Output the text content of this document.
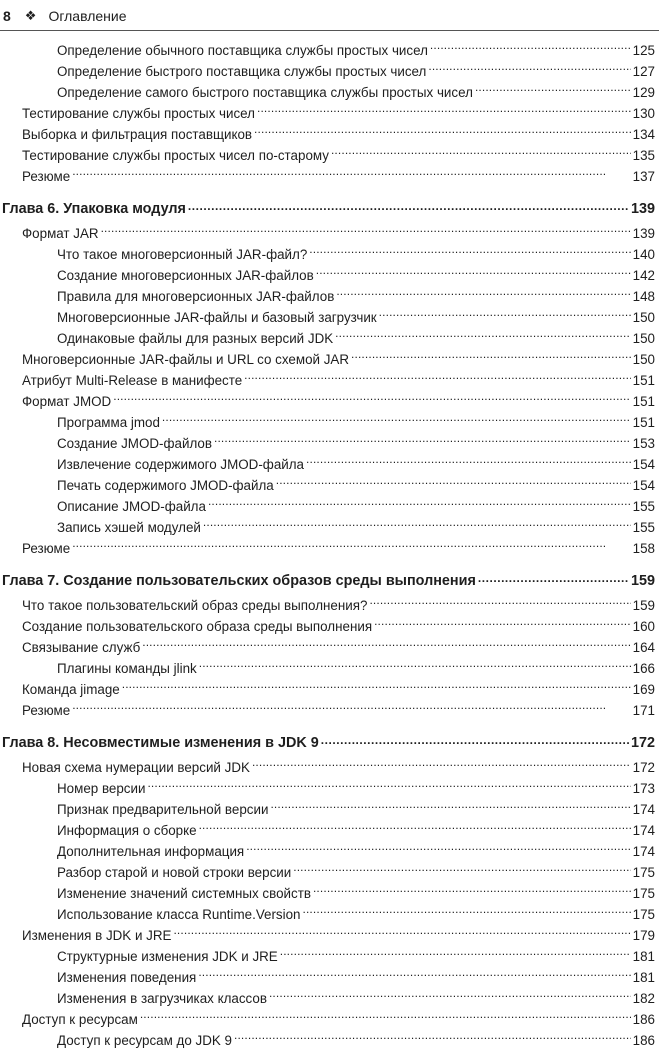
8 ❖ Оглавление
Определение обычного поставщика службы простых чисел . . .	125
Определение быстрого поставщика службы простых чисел . . .	127
Определение самого быстрого поставщика службы простых чисел . . .	129
Тестирование службы простых чисел . . .	130
Выборка и фильтрация поставщиков . . .	134
Тестирование службы простых чисел по-старому . . .	135
Резюме . . .	137
Глава 6. Упаковка модуля . . .	139
Формат JAR . . .	139
Что такое многоверсионный JAR-файл? . . .	140
Создание многоверсионных JAR-файлов . . .	142
Правила для многоверсионных JAR-файлов . . .	148
Многоверсионные JAR-файлы и базовый загрузчик . . .	150
Одинаковые файлы для разных версий JDK . . .	150
Многоверсионные JAR-файлы и URL со схемой JAR . . .	150
Атрибут Multi-Release в манифесте . . .	151
Формат JMOD . . .	151
Программа jmod . . .	151
Создание JMOD-файлов . . .	153
Извлечение содержимого JMOD-файла . . .	154
Печать содержимого JMOD-файла . . .	154
Описание JMOD-файла . . .	155
Запись хэшей модулей . . .	155
Резюме . . .	158
Глава 7. Создание пользовательских образов среды выполнения . . .	159
Что такое пользовательский образ среды выполнения? . . .	159
Создание пользовательского образа среды выполнения . . .	160
Связывание служб . . .	164
Плагины команды jlink . . .	166
Команда jimage . . .	169
Резюме . . .	171
Глава 8. Несовместимые изменения в JDK 9 . . .	172
Новая схема нумерации версий JDK . . .	172
Номер версии . . .	173
Признак предварительной версии . . .	174
Информация о сборке . . .	174
Дополнительная информация . . .	174
Разбор старой и новой строки версии . . .	175
Изменение значений системных свойств . . .	175
Использование класса Runtime.Version . . .	175
Изменения в JDK и JRE . . .	179
Структурные изменения JDK и JRE . . .	181
Изменения поведения . . .	181
Изменения в загрузчиках классов . . .	182
Доступ к ресурсам . . .	186
Доступ к ресурсам до JDK 9 . . .	186
